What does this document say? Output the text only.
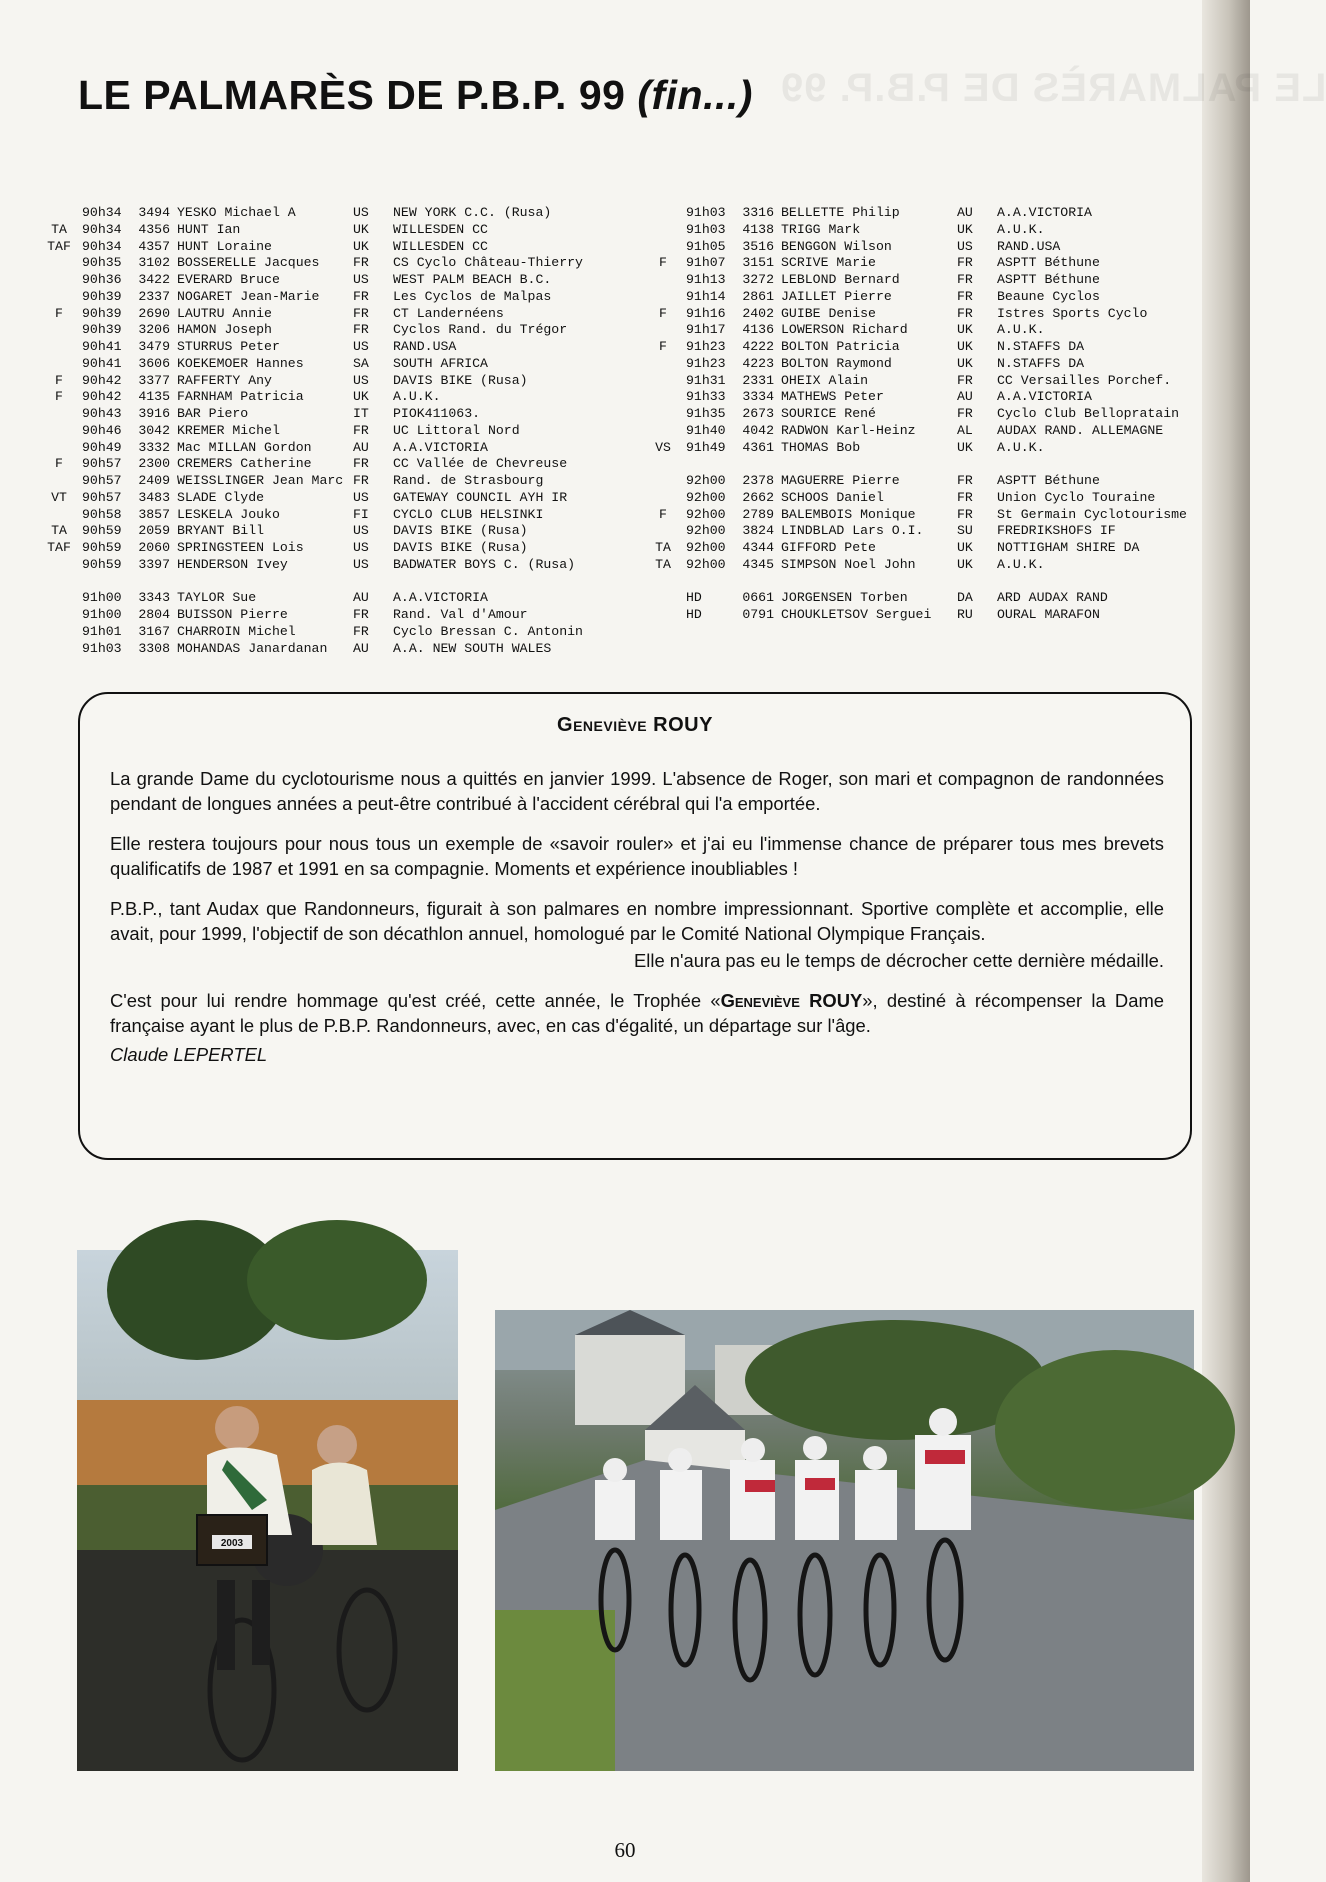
LE PALMARÈS DE P.B.P. 99
LE PALMARÈS DE P.B.P. 99 (fin...)
90h34	3494 YESKO Michael A	US	NEW YORK C.C. (Rusa)
TA	90h34	4356 HUNT Ian	UK	WILLESDEN CC
TAF 90h34	4357 HUNT Loraine	UK	WILLESDEN CC
90h35	3102 BOSSERELLE Jacques	FR	CS Cyclo Château-Thierry
90h36	3422 EVERARD Bruce	US	WEST PALM BEACH B.C.
90h39	2337 NOGARET Jean-Marie	FR	Les Cyclos de Malpas
F	90h39	2690 LAUTRU Annie	FR	CT Landernéens
90h39	3206 HAMON Joseph	FR	Cyclos Rand. du Trégor
90h41	3479 STURRUS Peter	US	RAND.USA
90h41	3606 KOEKEMOER Hannes	SA	SOUTH AFRICA
F	90h42	3377 RAFFERTY Any	US	DAVIS BIKE (Rusa)
F	90h42	4135 FARNHAM Patricia	UK	A.U.K.
90h43	3916 BAR Piero	IT	PIOK411063.
90h46	3042 KREMER Michel	FR	UC Littoral Nord
90h49	3332 Mac MILLAN Gordon	AU	A.A.VICTORIA
F	90h57	2300 CREMERS Catherine	FR	CC Vallée de Chevreuse
90h57	2409 WEISSLINGER Jean Marc FR	Rand. de Strasbourg
VT	90h57	3483 SLADE Clyde	US	GATEWAY COUNCIL AYH IR
90h58	3857 LESKELA Jouko	FI	CYCLO CLUB HELSINKI
TA	90h59	2059 BRYANT Bill	US	DAVIS BIKE (Rusa)
TAF 90h59	2060 SPRINGSTEEN Lois	US	DAVIS BIKE (Rusa)
90h59	3397 HENDERSON Ivey	US	BADWATER BOYS C. (Rusa)
91h00	3343 TAYLOR Sue	AU	A.A.VICTORIA
91h00	2804 BUISSON Pierre	FR	Rand. Val d'Amour
91h01	3167 CHARROIN Michel	FR	Cyclo Bressan C. Antonin
91h03	3308 MOHANDAS Janardanan	AU	A.A. NEW SOUTH WALES
91h03	3316 BELLETTE Philip	AU	A.A.VICTORIA
91h03	4138 TRIGG Mark	UK	A.U.K.
91h05	3516 BENGGON Wilson	US	RAND.USA
F	91h07	3151 SCRIVE Marie	FR	ASPTT Béthune
91h13	3272 LEBLOND Bernard	FR	ASPTT Béthune
91h14	2861 JAILLET Pierre	FR	Beaune Cyclos
F	91h16	2402 GUIBE Denise	FR	Istres Sports Cyclo
91h17	4136 LOWERSON Richard	UK	A.U.K.
F	91h23	4222 BOLTON Patricia	UK	N.STAFFS DA
91h23	4223 BOLTON Raymond	UK	N.STAFFS DA
91h31	2331 OHEIX Alain	FR	CC Versailles Porchef.
91h33	3334 MATHEWS Peter	AU	A.A.VICTORIA
91h35	2673 SOURICE René	FR	Cyclo Club Bellopratain
91h40	4042 RADWON Karl-Heinz	AL	AUDAX RAND. ALLEMAGNE
VS	91h49	4361 THOMAS Bob	UK	A.U.K.
92h00	2378 MAGUERRE Pierre	FR	ASPTT Béthune
92h00	2662 SCHOOS Daniel	FR	Union Cyclo Touraine
F	92h00	2789 BALEMBOIS Monique	FR	St Germain Cyclotourisme
92h00	3824 LINDBLAD Lars O.I.	SU	FREDRIKSHOFS IF
TA	92h00	4344 GIFFORD Pete	UK	NOTTIGHAM SHIRE DA
TA	92h00	4345 SIMPSON Noel John	UK	A.U.K.
HD	0661 JORGENSEN Torben	DA	ARD AUDAX RAND
HD	0791 CHOUKLETSOV Serguei	RU	OURAL MARAFON
Geneviève ROUY

La grande Dame du cyclotourisme nous a quittés en janvier 1999. L'absence de Roger, son mari et compagnon de randonnées pendant de longues années a peut-être contribué à l'accident cérébral qui l'a emportée.

Elle restera toujours pour nous tous un exemple de «savoir rouler» et j'ai eu l'immense chance de préparer tous mes brevets qualificatifs de 1987 et 1991 en sa compagnie. Moments et expérience inoubliables !

P.B.P., tant Audax que Randonneurs, figurait à son palmares en nombre impressionnant. Sportive complète et accomplie, elle avait, pour 1999, l'objectif de son décathlon annuel, homologué par le Comité National Olympique Français.

Elle n'aura pas eu le temps de décrocher cette dernière médaille.

C'est pour lui rendre hommage qu'est créé, cette année, le Trophée «Geneviève ROUY», destiné à récompenser la Dame française ayant le plus de P.B.P. Randonneurs, avec, en cas d'égalité, un départage sur l'âge.

Claude LEPERTEL

2003
60
